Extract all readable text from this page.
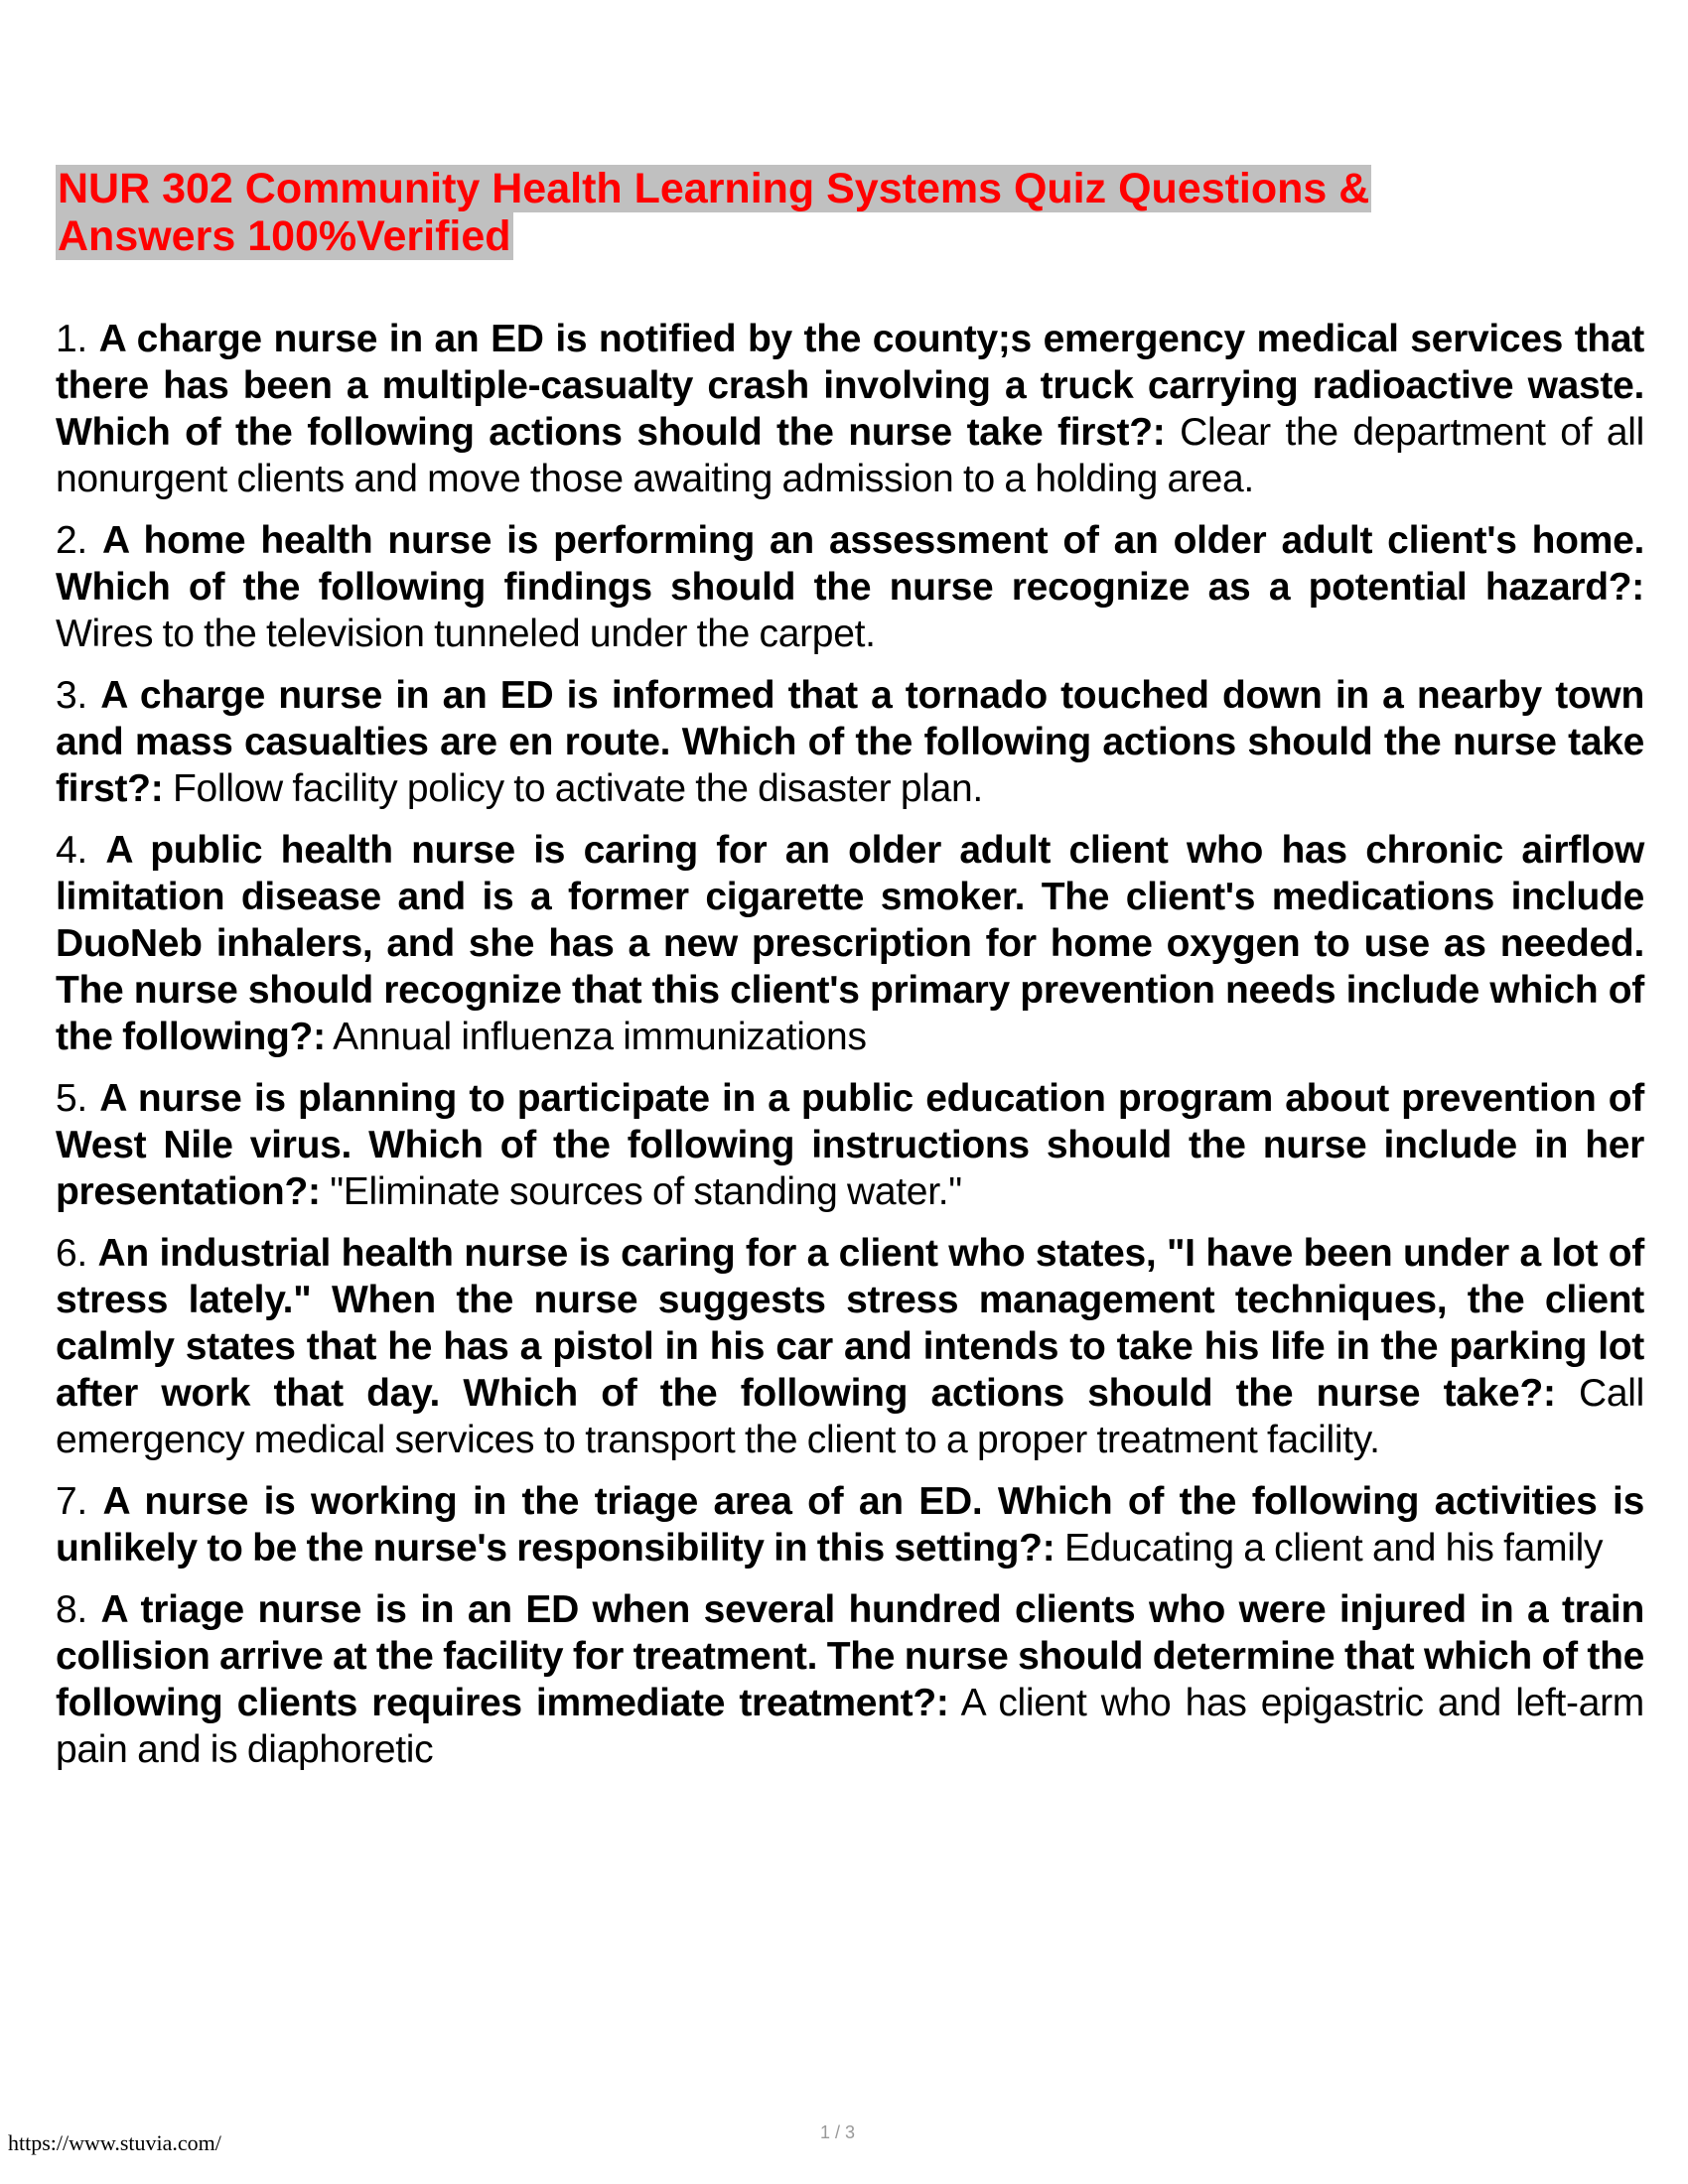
NUR 302 Community Health Learning Systems Quiz Questions &
Answers 100%Verified
1. A charge nurse in an ED is notified by the county;s emergency medical services that there has been a multiple-casualty crash involving a truck carrying radioactive waste. Which of the following actions should the nurse take first?: Clear the department of all nonurgent clients and move those awaiting admission to a holding area.
2. A home health nurse is performing an assessment of an older adult client's home. Which of the following findings should the nurse recognize as a potential hazard?: Wires to the television tunneled under the carpet.
3. A charge nurse in an ED is informed that a tornado touched down in a nearby town and mass casualties are en route. Which of the following actions should the nurse take first?: Follow facility policy to activate the disaster plan.
4. A public health nurse is caring for an older adult client who has chronic airflow limitation disease and is a former cigarette smoker. The client's medications include DuoNeb inhalers, and she has a new prescription for home oxygen to use as needed. The nurse should recognize that this client's primary prevention needs include which of the following?: Annual influenza immunizations
5. A nurse is planning to participate in a public education program about prevention of West Nile virus. Which of the following instructions should the nurse include in her presentation?: "Eliminate sources of standing water."
6. An industrial health nurse is caring for a client who states, "I have been under a lot of stress lately." When the nurse suggests stress management techniques, the client calmly states that he has a pistol in his car and intends to take his life in the parking lot after work that day. Which of the following actions should the nurse take?: Call emergency medical services to transport the client to a proper treatment facility.
7. A nurse is working in the triage area of an ED. Which of the following activities is unlikely to be the nurse's responsibility in this setting?: Educating a client and his family
8. A triage nurse is in an ED when several hundred clients who were injured in a train collision arrive at the facility for treatment. The nurse should determine that which of the following clients requires immediate treatment?: A client who has epigastric and left-arm pain and is diaphoretic
https://www.stuvia.com/	1 / 3
